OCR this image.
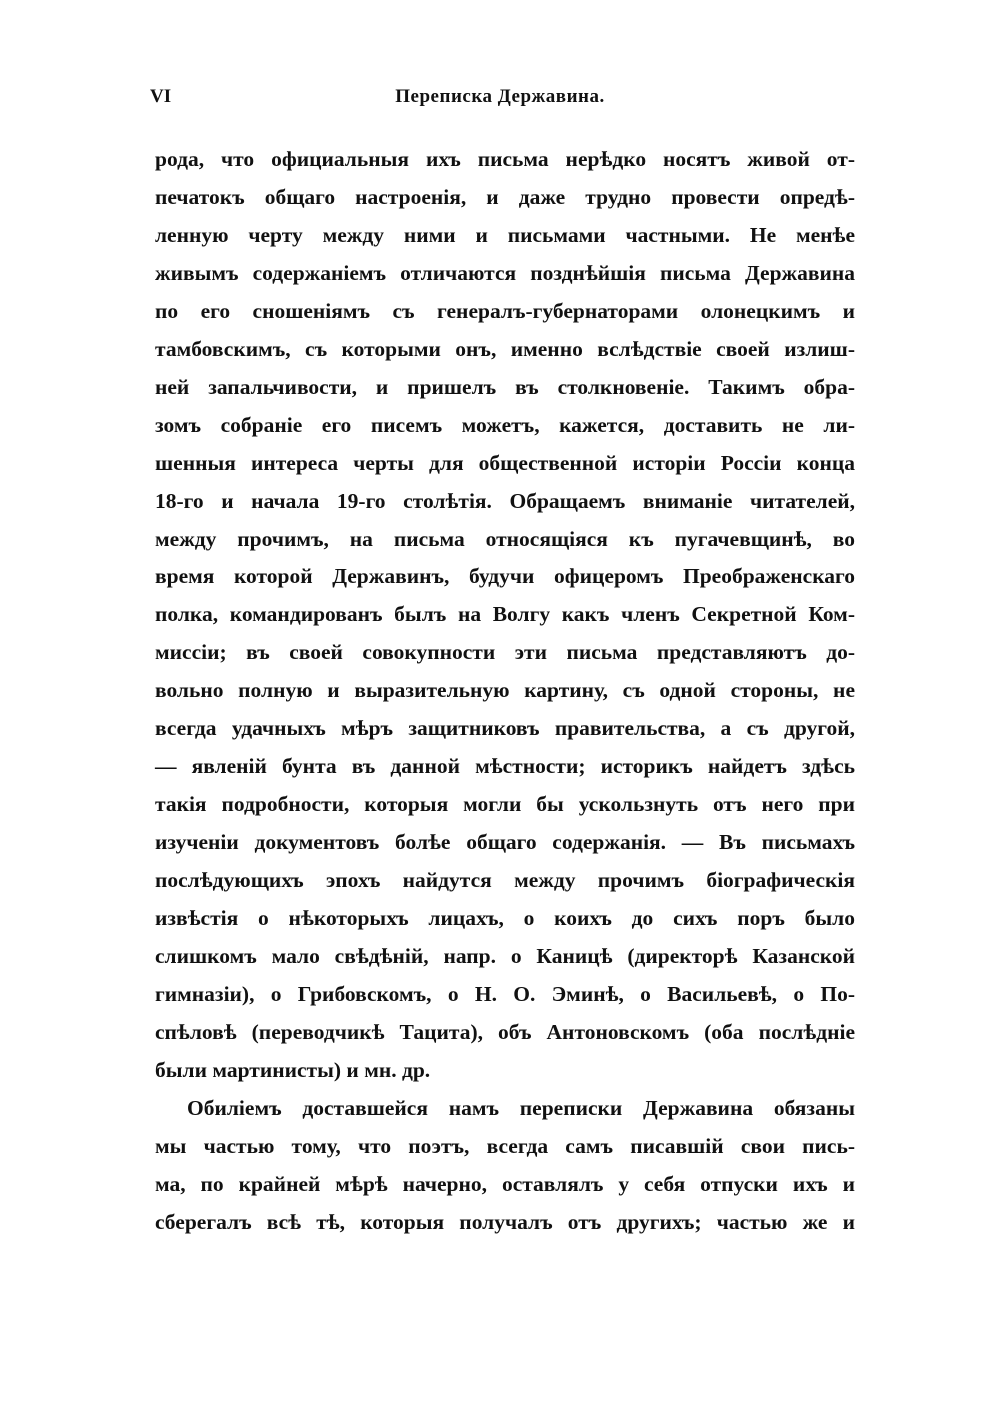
VI	Переписка Державина.
рода, что официальныя ихъ письма нерѣдко носятъ живой от-
печатокъ общаго настроенія, и даже трудно провести опредѣ-
ленную черту между ними и письмами частными. Не менѣе
живымъ содержаніемъ отличаются позднѣйшія письма Державина
по его сношеніямъ съ генералъ-губернаторами олонецкимъ и
тамбовскимъ, съ которыми онъ, именно вслѣдствіе своей излиш-
ней запальчивости, и пришелъ въ столкновеніе. Такимъ обра-
зомъ собраніе его писемъ можетъ, кажется, доставить не ли-
шенныя интереса черты для общественной исторіи Россіи конца
18-го и начала 19-го столѣтія. Обращаемъ вниманіе читателей,
между прочимъ, на письма относящіяся къ пугачевщинѣ, во
время которой Державинъ, будучи офицеромъ Преображенскаго
полка, командированъ былъ на Волгу какъ членъ Секретной Ком-
миссіи; въ своей совокупности эти письма представляютъ до-
вольно полную и выразительную картину, съ одной стороны, не
всегда удачныхъ мѣръ защитниковъ правительства, а съ другой,
— явленій бунта въ данной мѣстности; историкъ найдетъ здѣсь
такія подробности, которыя могли бы ускользнуть отъ него при
изученіи документовъ болѣе общаго содержанія. — Въ письмахъ
послѣдующихъ эпохъ найдутся между прочимъ біографическія
извѣстія о нѣкоторыхъ лицахъ, о коихъ до сихъ поръ было
слишкомъ мало свѣдѣній, напр. о Каницѣ (директорѣ Казанской
гимназіи), о Грибовскомъ, о Н. О. Эминѣ, о Васильевѣ, о По-
спѣловѣ (переводчикѣ Тацита), объ Антоновскомъ (оба послѣдніе
были мартинисты) и мн. др.
Обиліемъ доставшейся намъ переписки Державина обязаны
мы частью тому, что поэтъ, всегда самъ писавшій свои пись-
ма, по крайней мѣрѣ начерно, оставлялъ у себя отпуски ихъ и
сберегалъ всѣ тѣ, которыя получалъ отъ другихъ; частью же и
